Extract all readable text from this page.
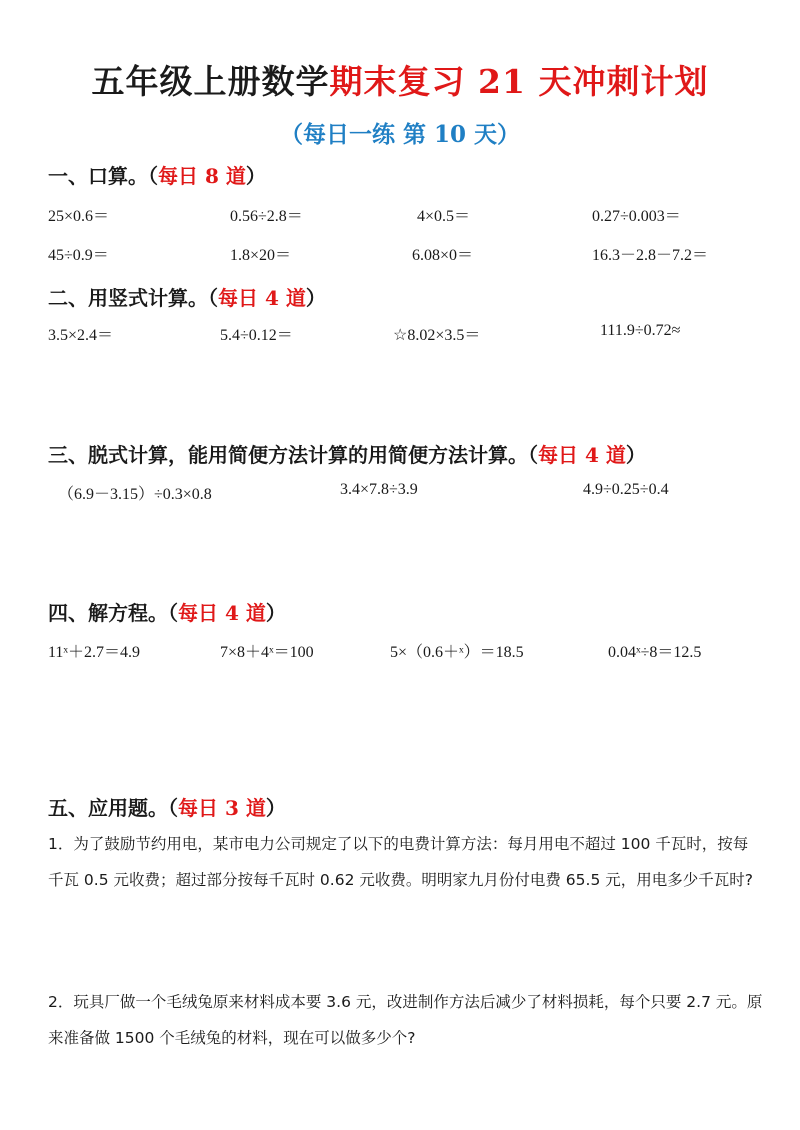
五年级上册数学期末复习 21 天冲刺计划
（每日一练 第 10 天）
一、口算。（每日 8 道）
25×0.6＝	0.56÷2.8＝	4×0.5＝	0.27÷0.003＝
45÷0.9＝	1.8×20＝	6.08×0＝	16.3－2.8－7.2＝
二、用竖式计算。（每日 4 道）
3.5×2.4＝	5.4÷0.12＝	☆8.02×3.5＝	111.9÷0.72≈
三、脱式计算，能用简便方法计算的用简便方法计算。（每日 4 道）
（6.9－3.15）÷0.3×0.8	3.4×7.8÷3.9	4.9÷0.25÷0.4
四、解方程。（每日 4 道）
11ˣ＋2.7＝4.9	7×8＋4ˣ＝100	5×（0.6＋ˣ）＝18.5	0.04ˣ÷8＝12.5
五、应用题。（每日 3 道）
1．为了鼓励节约用电，某市电力公司规定了以下的电费计算方法：每月用电不超过 100 千瓦时，按每千瓦 0.5 元收费；超过部分按每千瓦时 0.62 元收费。明明家九月份付电费 65.5 元，用电多少千瓦时?
2．玩具厂做一个毛绒兔原来材料成本要 3.6 元，改进制作方法后减少了材料损耗，每个只要 2.7 元。原来准备做 1500 个毛绒兔的材料，现在可以做多少个?
